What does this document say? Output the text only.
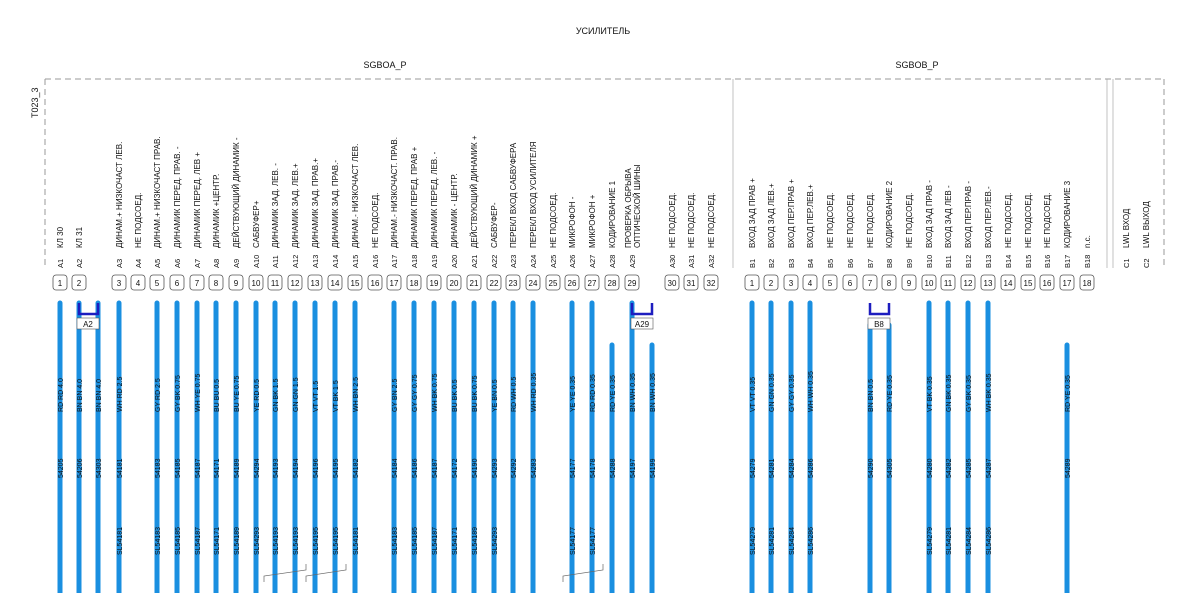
УСИЛИТЕЛЬ
T023_3
SGBOA_P
A1
КЛ 30
1
RD RD 4.0
54205
A2
КЛ 31
2
BN BN 4.0
54206
BN BN 4.0
54303
A3
ДИНАМ.+ НИЗКОЧАСТ ЛЕВ.
3
WH RD 2.5
54181
SL54181
A4
НЕ ПОДСОЕД.
4
A5
ДИНАМ.+ НИЗКОЧАСТ ПРАВ.
5
GY RD 2.5
54183
SL54183
A6
ДИНАМИК ПЕРЕД. ПРАВ. -
6
GY BK 0.75
54185
SL54185
A7
ДИНАМИК ПЕРЕД. ЛЕВ +
7
WH YE 0.75
54187
SL54187
A8
ДИНАМИК +ЦЕНТР.
8
BU BU 0.5
54171
SL54171
A9
ДЕЙСТВУЮЩИЙ ДИНАМИК -
9
BU YE 0.75
54189
SL54189
A10
САБВУФЕР+
10
YE RD 0.5
54294
SL54293
A11
ДИНАМИК ЗАД. ЛЕВ. -
11
GN BK 1.5
54193
SL54193
A12
ДИНАМИК ЗАД. ЛЕВ.+
12
GN GN 1.5
54194
SL54193
A13
ДИНАМИК ЗАД. ПРАВ.+
13
VT VT 1.5
54196
SL54195
A14
ДИНАМИК ЗАД. ПРАВ.-
14
VT BK 1.5
54195
SL54195
A15
ДИНАМ.- НИЗКОЧАСТ ЛЕВ.
15
WH BN 2.5
54182
SL54181
A16
НЕ ПОДСОЕД.
16
A17
ДИНАМ.- НИЗКОЧАСТ. ПРАВ.
17
GY BN 2.5
54184
SL54183
A18
ДИНАМИК ПЕРЕД. ПРАВ +
18
GY GY 0.75
54186
SL54185
A19
ДИНАМИК ПЕРЕД. ЛЕВ. -
19
WH BK 0.75
54187
SL54187
A20
ДИНАМИК - ЦЕНТР.
20
BU BK 0.5
54172
SL54171
A21
ДЕЙСТВУЮЩИЙ ДИНАМИК +
21
BU BK 0.75
54190
SL54189
A22
САБВУФЕР-
22
YE BN 0.5
54293
SL54293
A23
ПЕРЕКЛ ВХОД САБВУФЕРА
23
RD WH 0.5
54292
A24
ПЕРЕКЛ ВХОД УСИЛИТЕЛЯ
24
WH RD 0.35
54283
A25
НЕ ПОДСОЕД.
25
A26
МИКРОФОН -
26
YE YE 0.35
54177
SL54177
A27
МИКРОФОН +
27
RD RD 0.35
54178
SL54177
A28
КОДИРОВАНИЕ 1
28
RD YE 0.35
54288
A29
ПРОВЕРКА ОБРЫВА ОПТИЧЕСКОЙ ШИНЫ
29
BN WH 0.35
54197
BN WH 0.35
54199
A30
НЕ ПОДСОЕД.
30
A31
НЕ ПОДСОЕД.
31
A32
НЕ ПОДСОЕД.
32
SGBOB_P
B1
ВХОД ЗАД ПРАВ +
1
VT VT 0.35
54279
SL54279
B2
ВХОД ЗАД ЛЕВ.+
2
GN GN 0.35
54281
SL54281
B3
ВХОД ПЕР.ПРАВ +
3
GY GY 0.35
54284
SL54284
B4
ВХОД ПЕР.ЛЕВ.+
4
WH WH 0.35
54286
SL54286
B5
НЕ ПОДСОЕД.
5
B6
НЕ ПОДСОЕД.
6
B7
НЕ ПОДСОЕД.
7
BN BN 0.5
54290
B8
КОДИРОВАНИЕ 2
8
RD YE 0.35
54305
B9
НЕ ПОДСОЕД.
9
B10
ВХОД ЗАД ПРАВ -
10
VT BK 0.35
54280
SL54279
B11
ВХОД ЗАД ЛЕВ -
11
GN BK 0.35
54282
SL54281
B12
ВХОД ПЕР.ПРАВ -
12
GY BK 0.35
54285
SL54284
B13
ВХОД ПЕР.ЛЕВ.-
13
WH BK 0.35
54287
SL54286
B14
НЕ ПОДСОЕД.
14
B15
НЕ ПОДСОЕД.
15
B16
НЕ ПОДСОЕД.
16
B17
КОДИРОВАНИЕ 3
17
RD YE 0.35
54289
B18
n.c.
18
C1
LWL ВХОД
C2
LWL ВЫХОД
A2	A29	B8
